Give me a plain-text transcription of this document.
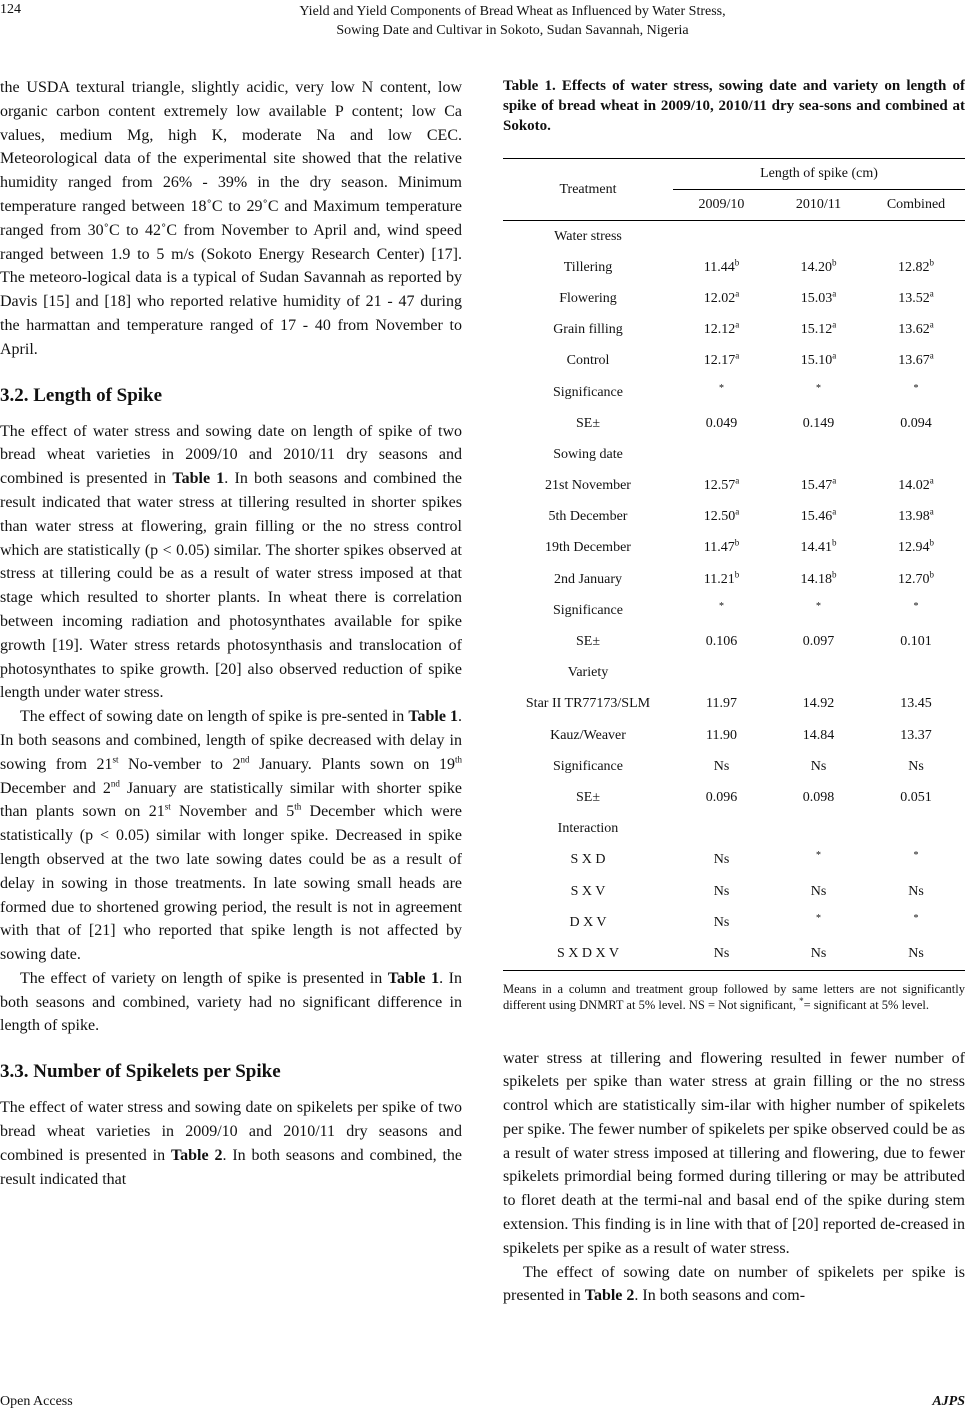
124	Yield and Yield Components of Bread Wheat as Influenced by Water Stress,
Sowing Date and Cultivar in Sokoto, Sudan Savannah, Nigeria

the USDA textural triangle, slightly acidic, very low N content, low organic carbon content extremely low available P content; low Ca values, medium Mg, high K, moderate Na and low CEC. Meteorological data of the experimental site showed that the relative humidity ranged from 26% - 39% in the dry season. Minimum temperature ranged between 18˚C to 29˚C and Maximum temperature ranged from 30˚C to 42˚C from November to April and, wind speed ranged between 1.9 to 5 m/s (Sokoto Energy Research Center) [17]. The meteoro-logical data is a typical of Sudan Savannah as reported by Davis [15] and [18] who reported relative humidity of 21 - 47 during the harmattan and temperature ranged of 17 - 40 from November to April.

3.2. Length of Spike

The effect of water stress and sowing date on length of spike of two bread wheat varieties in 2009/10 and 2010/11 dry seasons and combined is presented in Table 1. In both seasons and combined the result indicated that water stress at tillering resulted in shorter spikes than water stress at flowering, grain filling or the no stress control which are statistically (p < 0.05) similar. The shorter spikes observed at stress at tillering could be as a result of water stress imposed at that stage which resulted to shorter plants. In wheat there is correlation between incoming radiation and photosynthates available for spike growth [19]. Water stress retards photosynthasis and translocation of photosynthates to spike growth. [20] also observed reduction of spike length under water stress.

The effect of sowing date on length of spike is pre-sented in Table 1. In both seasons and combined, length of spike decreased with delay in sowing from 21st No-vember to 2nd January. Plants sown on 19th December and 2nd January are statistically similar with shorter spike than plants sown on 21st November and 5th December which were statistically (p < 0.05) similar with longer spike. Decreased in spike length observed at the two late sowing dates could be as a result of delay in sowing in those treatments. In late sowing small heads are formed due to shortened growing period, the result is not in agreement with that of [21] who reported that spike length is not affected by sowing date.

The effect of variety on length of spike is presented in Table 1. In both seasons and combined, variety had no significant difference in length of spike.

3.3. Number of Spikelets per Spike

The effect of water stress and sowing date on spikelets per spike of two bread wheat varieties in 2009/10 and 2010/11 dry seasons and combined is presented in Table 2. In both seasons and combined, the result indicated that

Table 1. Effects of water stress, sowing date and variety on length of spike of bread wheat in 2009/10, 2010/11 dry sea-sons and combined at Sokoto.

Treatment	Length of spike (cm)		
	2009/10	2010/11	Combined
Water stress			
Tillering	11.44$^b$	14.20$^b$	12.82$^b$
Flowering	12.02$^a$	15.03$^a$	13.52$^a$
Grain filling	12.12$^a$	15.12$^a$	13.62$^a$
Control	12.17$^a$	15.10$^a$	13.67$^a$
Significance	*	*	*
SE±	0.049	0.149	0.094
Sowing date			
21st November	12.57$^a$	15.47$^a$	14.02$^a$
5th December	12.50$^a$	15.46$^a$	13.98$^a$
19th December	11.47$^b$	14.41$^b$	12.94$^b$
2nd January	11.21$^b$	14.18$^b$	12.70$^b$
Significance	*	*	*
SE±	0.106	0.097	0.101
Variety			
Star II TR77173/SLM	11.97	14.92	13.45
Kauz/Weaver	11.90	14.84	13.37
Significance	Ns	Ns	Ns
SE±	0.096	0.098	0.051
Interaction			
S X D	Ns	*	*
S X V	Ns	Ns	Ns
D X V	Ns	*	*
S X D X V	Ns	Ns	Ns

Means in a column and treatment group followed by same letters are not significantly different using DNMRT at 5% level. NS = Not significant, *= significant at 5% level.

water stress at tillering and flowering resulted in fewer number of spikelets per spike than water stress at grain filling or the no stress control which are statistically sim-ilar with higher number of spikelets per spike. The fewer number of spikelets per spike observed could be as a result of water stress imposed at tillering and flowering, due to fewer spikelets primordial being formed during tillering or may be attributed to floret death at the termi-nal and basal end of the spike during stem extension. This finding is in line with that of [20] reported de-creased in spikelets per spike as a result of water stress.

The effect of sowing date on number of spikelets per spike is presented in Table 2. In both seasons and com-

Open Access	AJPS
